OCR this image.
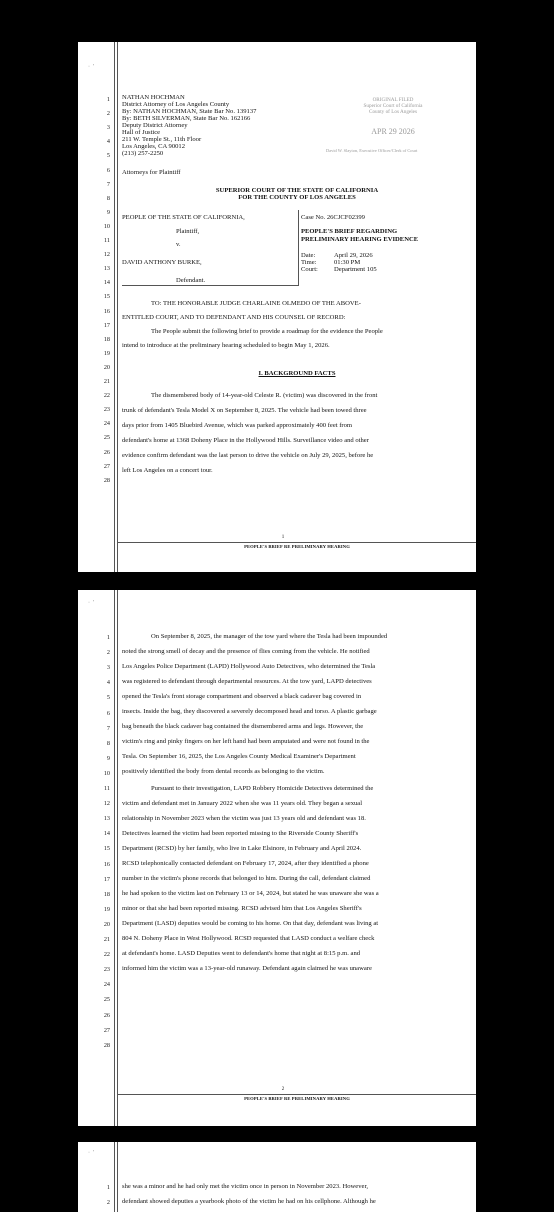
·  '
1
2
3
4
5
6
7
8
9
10
11
12
13
14
15
16
17
18
19
20
21
22
23
24
25
26
27
28
NATHAN HOCHMAN
District Attorney of Los Angeles County
By: NATHAN HOCHMAN, State Bar No. 139137
By: BETH SILVERMAN, State Bar No. 162166
Deputy District Attorney
Hall of Justice
211 W. Temple St., 11th Floor
Los Angeles, CA 90012
(213) 257-2250
Attorneys for Plaintiff
ORIGINAL FILED
Superior Court of California
County of Los Angeles
APR 29 2026
David W. Slayton, Executive Officer/Clerk of Court
SUPERIOR COURT OF THE STATE OF CALIFORNIA
FOR THE COUNTY OF LOS ANGELES
PEOPLE OF THE STATE OF CALIFORNIA,
Plaintiff,
v.
DAVID ANTHONY BURKE,
Defendant.
Case No. 26CJCF02399
PEOPLE'S BRIEF REGARDING
PRELIMINARY HEARING EVIDENCE
Date:	April 29, 2026
Time:	01:30 PM
Court: Department 105
TO: THE HONORABLE JUDGE CHARLAINE OLMEDO OF THE ABOVE-
ENTITLED COURT, AND TO DEFENDANT AND HIS COUNSEL OF RECORD:
The People submit the following brief to provide a roadmap for the evidence the People
intend to introduce at the preliminary hearing scheduled to begin May 1, 2026.
I. BACKGROUND FACTS
The dismembered body of 14-year-old Celeste R. (victim) was discovered in the front
trunk of defendant's Tesla Model X on September 8, 2025. The vehicle had been towed three
days prior from 1405 Bluebird Avenue, which was parked approximately 400 feet from
defendant's home at 1368 Doheny Place in the Hollywood Hills. Surveillance video and other
evidence confirm defendant was the last person to drive the vehicle on July 29, 2025, before he
left Los Angeles on a concert tour.
1
PEOPLE'S BRIEF RE PRELIMINARY HEARING
·  '
1
2
3
4
5
6
7
8
9
10
11
12
13
14
15
16
17
18
19
20
21
22
23
24
25
26
27
28
On September 8, 2025, the manager of the tow yard where the Tesla had been impounded
noted the strong smell of decay and the presence of flies coming from the vehicle. He notified
Los Angeles Police Department (LAPD) Hollywood Auto Detectives, who determined the Tesla
was registered to defendant through departmental resources. At the tow yard, LAPD detectives
opened the Tesla's front storage compartment and observed a black cadaver bag covered in
insects. Inside the bag, they discovered a severely decomposed head and torso. A plastic garbage
bag beneath the black cadaver bag contained the dismembered arms and legs. However, the
victim's ring and pinky fingers on her left hand had been amputated and were not found in the
Tesla. On September 16, 2025, the Los Angeles County Medical Examiner's Department
positively identified the body from dental records as belonging to the victim.
Pursuant to their investigation, LAPD Robbery Homicide Detectives determined the
victim and defendant met in January 2022 when she was 11 years old. They began a sexual
relationship in November 2023 when the victim was just 13 years old and defendant was 18.
Detectives learned the victim had been reported missing to the Riverside County Sheriff's
Department (RCSD) by her family, who live in Lake Elsinore, in February and April 2024.
RCSD telephonically contacted defendant on February 17, 2024, after they identified a phone
number in the victim's phone records that belonged to him. During the call, defendant claimed
he had spoken to the victim last on February 13 or 14, 2024, but stated he was unaware she was a
minor or that she had been reported missing. RCSD advised him that Los Angeles Sheriff's
Department (LASD) deputies would be coming to his home. On that day, defendant was living at
804 N. Doheny Place in West Hollywood. RCSD requested that LASD conduct a welfare check
at defendant's home. LASD Deputies went to defendant's home that night at 8:15 p.m. and
informed him the victim was a 13-year-old runaway. Defendant again claimed he was unaware
2
PEOPLE'S BRIEF RE PRELIMINARY HEARING
·  '
1
2
she was a minor and he had only met the victim once in person in November 2023. However,
defendant showed deputies a yearbook photo of the victim he had on his cellphone. Although he
